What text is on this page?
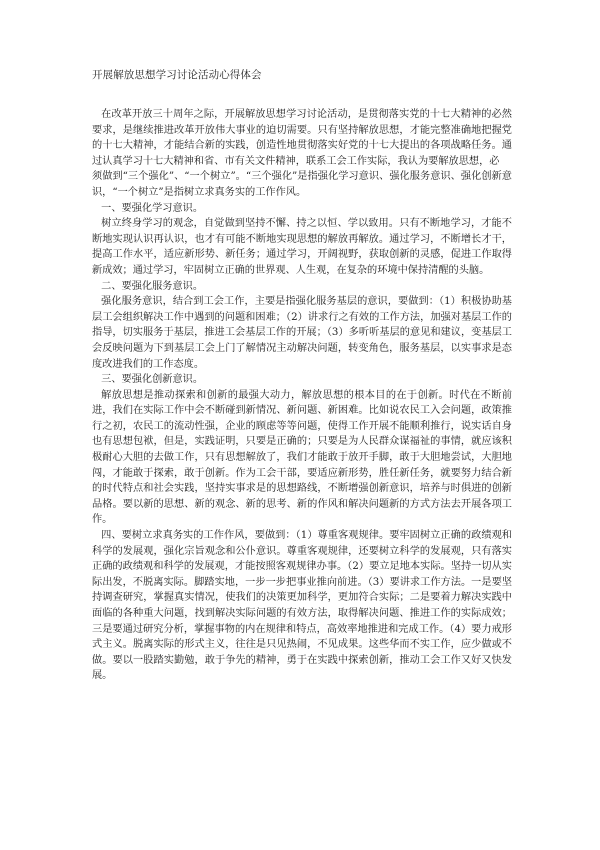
开展解放思想学习讨论活动心得体会

在改革开放三十周年之际，开展解放思想学习讨论活动，是贯彻落实党的十七大精神的必然要求，是继续推进改革开放伟大事业的迫切需要。只有坚持解放思想，才能完整准确地把握党的十七大精神，才能结合新的实践，创造性地贯彻落实好党的十七大提出的各项战略任务。通过认真学习十七大精神和省、市有关文件精神，联系工会工作实际，我认为要解放思想，必

须做到“三个强化”、“一个树立”。“三个强化”是指强化学习意识、强化服务意识、强化创新意识，“一个树立”是指树立求真务实的工作作风。

一、要强化学习意识。

树立终身学习的观念，自觉做到坚持不懈、持之以恒、学以致用。只有不断地学习，才能不断地实现认识再认识，也才有可能不断地实现思想的解放再解放。通过学习，不断增长才干，提高工作水平，适应新形势、新任务；通过学习，开阔视野，获取创新的灵感，促进工作取得新成效；通过学习，牢固树立正确的世界观、人生观，在复杂的环境中保持清醒的头脑。

二、要强化服务意识。

强化服务意识，结合到工会工作，主要是指强化服务基层的意识，要做到：（1）积极协助基层工会组织解决工作中遇到的问题和困难；（2）讲求行之有效的工作方法，加强对基层工作的指导，切实服务于基层，推进工会基层工作的开展；（3）多听听基层的意见和建议，变基层工会反映问题为下到基层工会上门了解情况主动解决问题，转变角色，服务基层，以实事求是态度改进我们的工作态度。

三、要强化创新意识。

解放思想是推动探索和创新的最强大动力，解放思想的根本目的在于创新。时代在不断前进，我们在实际工作中会不断碰到新情况、新问题、新困难。比如说农民工入会问题，政策推行之初，农民工的流动性强，企业的顾虑等等问题，使得工作开展不能顺利推行，说实话自身也有思想包袱，但是，实践证明，只要是正确的；只要是为人民群众谋福祉的事情，就应该积极耐心大胆的去做工作，只有思想解放了，我们才能敢于放开手脚，敢于大胆地尝试，大胆地闯，才能敢于探索，敢于创新。作为工会干部，要适应新形势，胜任新任务，就要努力结合新的时代特点和社会实践，坚持实事求是的思想路线，不断增强创新意识，培养与时俱进的创新品格。要以新的思想、新的观念、新的思考、新的作风和解决问题新的方式方法去开展各项工作。

四、要树立求真务实的工作作风，要做到：（1）尊重客观规律。要牢固树立正确的政绩观和科学的发展观，强化宗旨观念和公仆意识。尊重客观规律，还要树立科学的发展观，只有落实正确的政绩观和科学的发展观，才能按照客观规律办事。（2）要立足地本实际。坚持一切从实际出发，不脱离实际。脚踏实地，一步一步把事业推向前进。（3）要讲求工作方法。一是要坚持调查研究，掌握真实情况，使我们的决策更加科学，更加符合实际；二是要着力解决实践中面临的各种重大问题，找到解决实际问题的有效方法，取得解决问题、推进工作的实际成效；三是要通过研究分析，掌握事物的内在规律和特点，高效率地推进和完成工作。（4）要力戒形式主义。脱离实际的形式主义，往往是只见热闹，不见成果。这些华而不实工作，应少做或不做。要以一股踏实勤勉，敢于争先的精神，勇于在实践中探索创新，推动工会工作又好又快发展。
